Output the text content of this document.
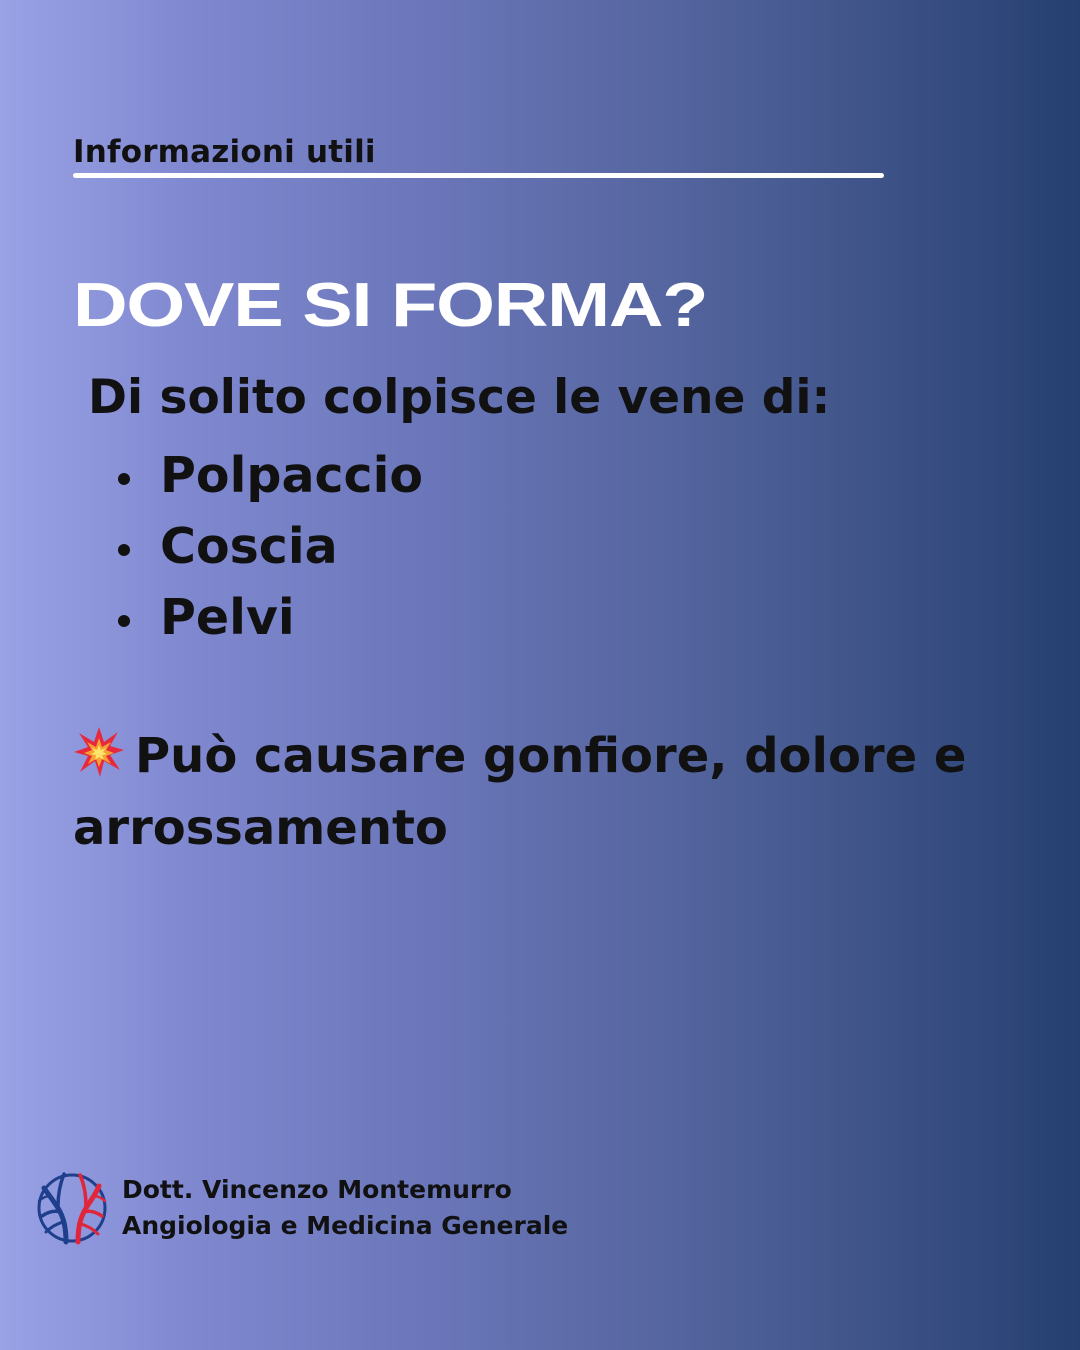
Informazioni utili
DOVE SI FORMA?
Di solito colpisce le vene di:
Polpaccio
Coscia
Pelvi
Può causare gonfiore, dolore e arrossamento
Dott. Vincenzo Montemurro
Angiologia e Medicina Generale
